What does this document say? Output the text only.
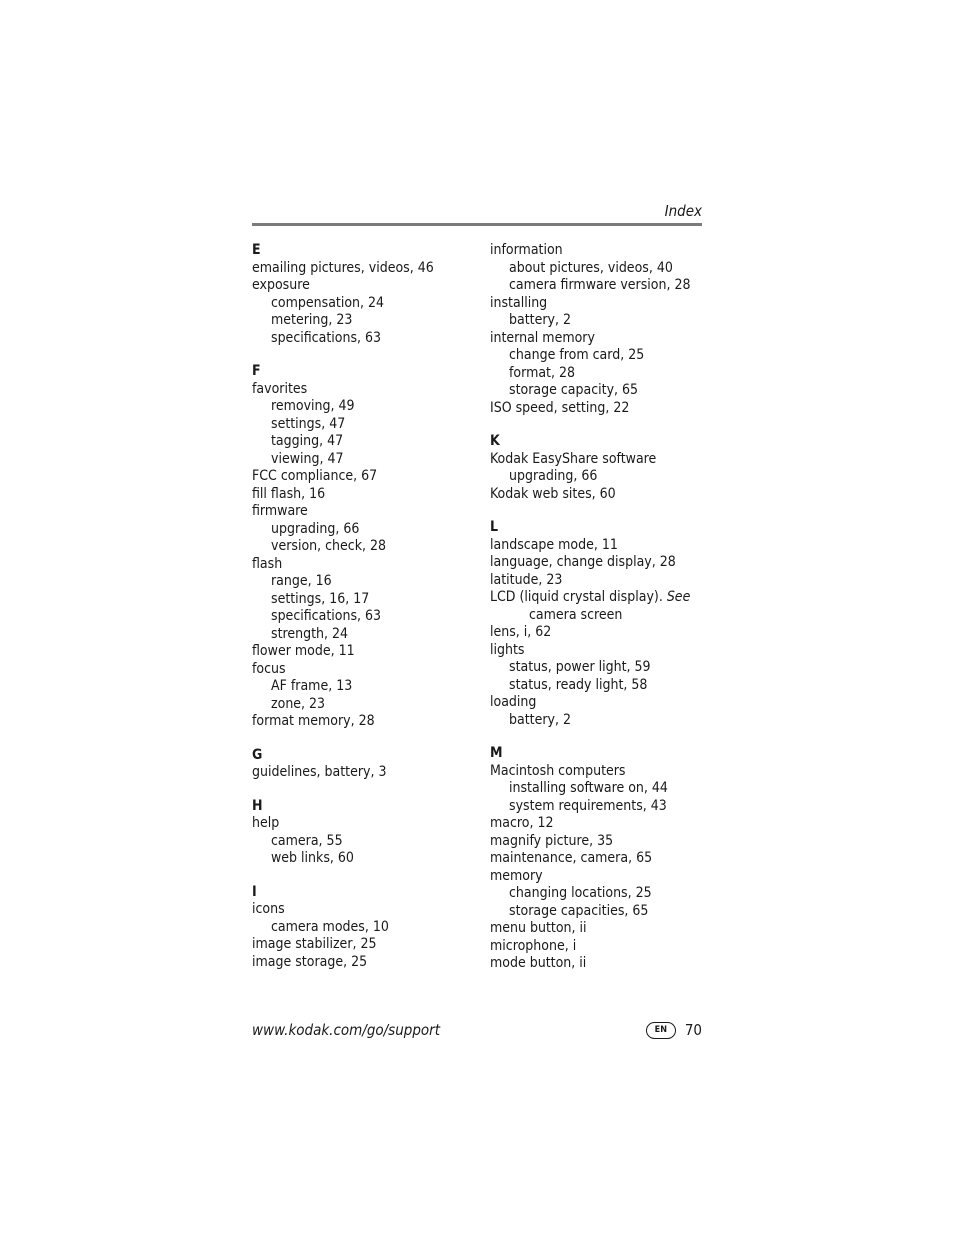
Index
E
emailing pictures, videos, 46
exposure
compensation, 24
metering, 23
specifications, 63
F
favorites
removing, 49
settings, 47
tagging, 47
viewing, 47
FCC compliance, 67
fill flash, 16
firmware
upgrading, 66
version, check, 28
flash
range, 16
settings, 16, 17
specifications, 63
strength, 24
flower mode, 11
focus
AF frame, 13
zone, 23
format memory, 28
G
guidelines, battery, 3
H
help
camera, 55
web links, 60
I
icons
camera modes, 10
image stabilizer, 25
image storage, 25
information
about pictures, videos, 40
camera firmware version, 28
installing
battery, 2
internal memory
change from card, 25
format, 28
storage capacity, 65
ISO speed, setting, 22
K
Kodak EasyShare software
upgrading, 66
Kodak web sites, 60
L
landscape mode, 11
language, change display, 28
latitude, 23
LCD (liquid crystal display). See
camera screen
lens, i, 62
lights
status, power light, 59
status, ready light, 58
loading
battery, 2
M
Macintosh computers
installing software on, 44
system requirements, 43
macro, 12
magnify picture, 35
maintenance, camera, 65
memory
changing locations, 25
storage capacities, 65
menu button, ii
microphone, i
mode button, ii
www.kodak.com/go/support	EN	70
